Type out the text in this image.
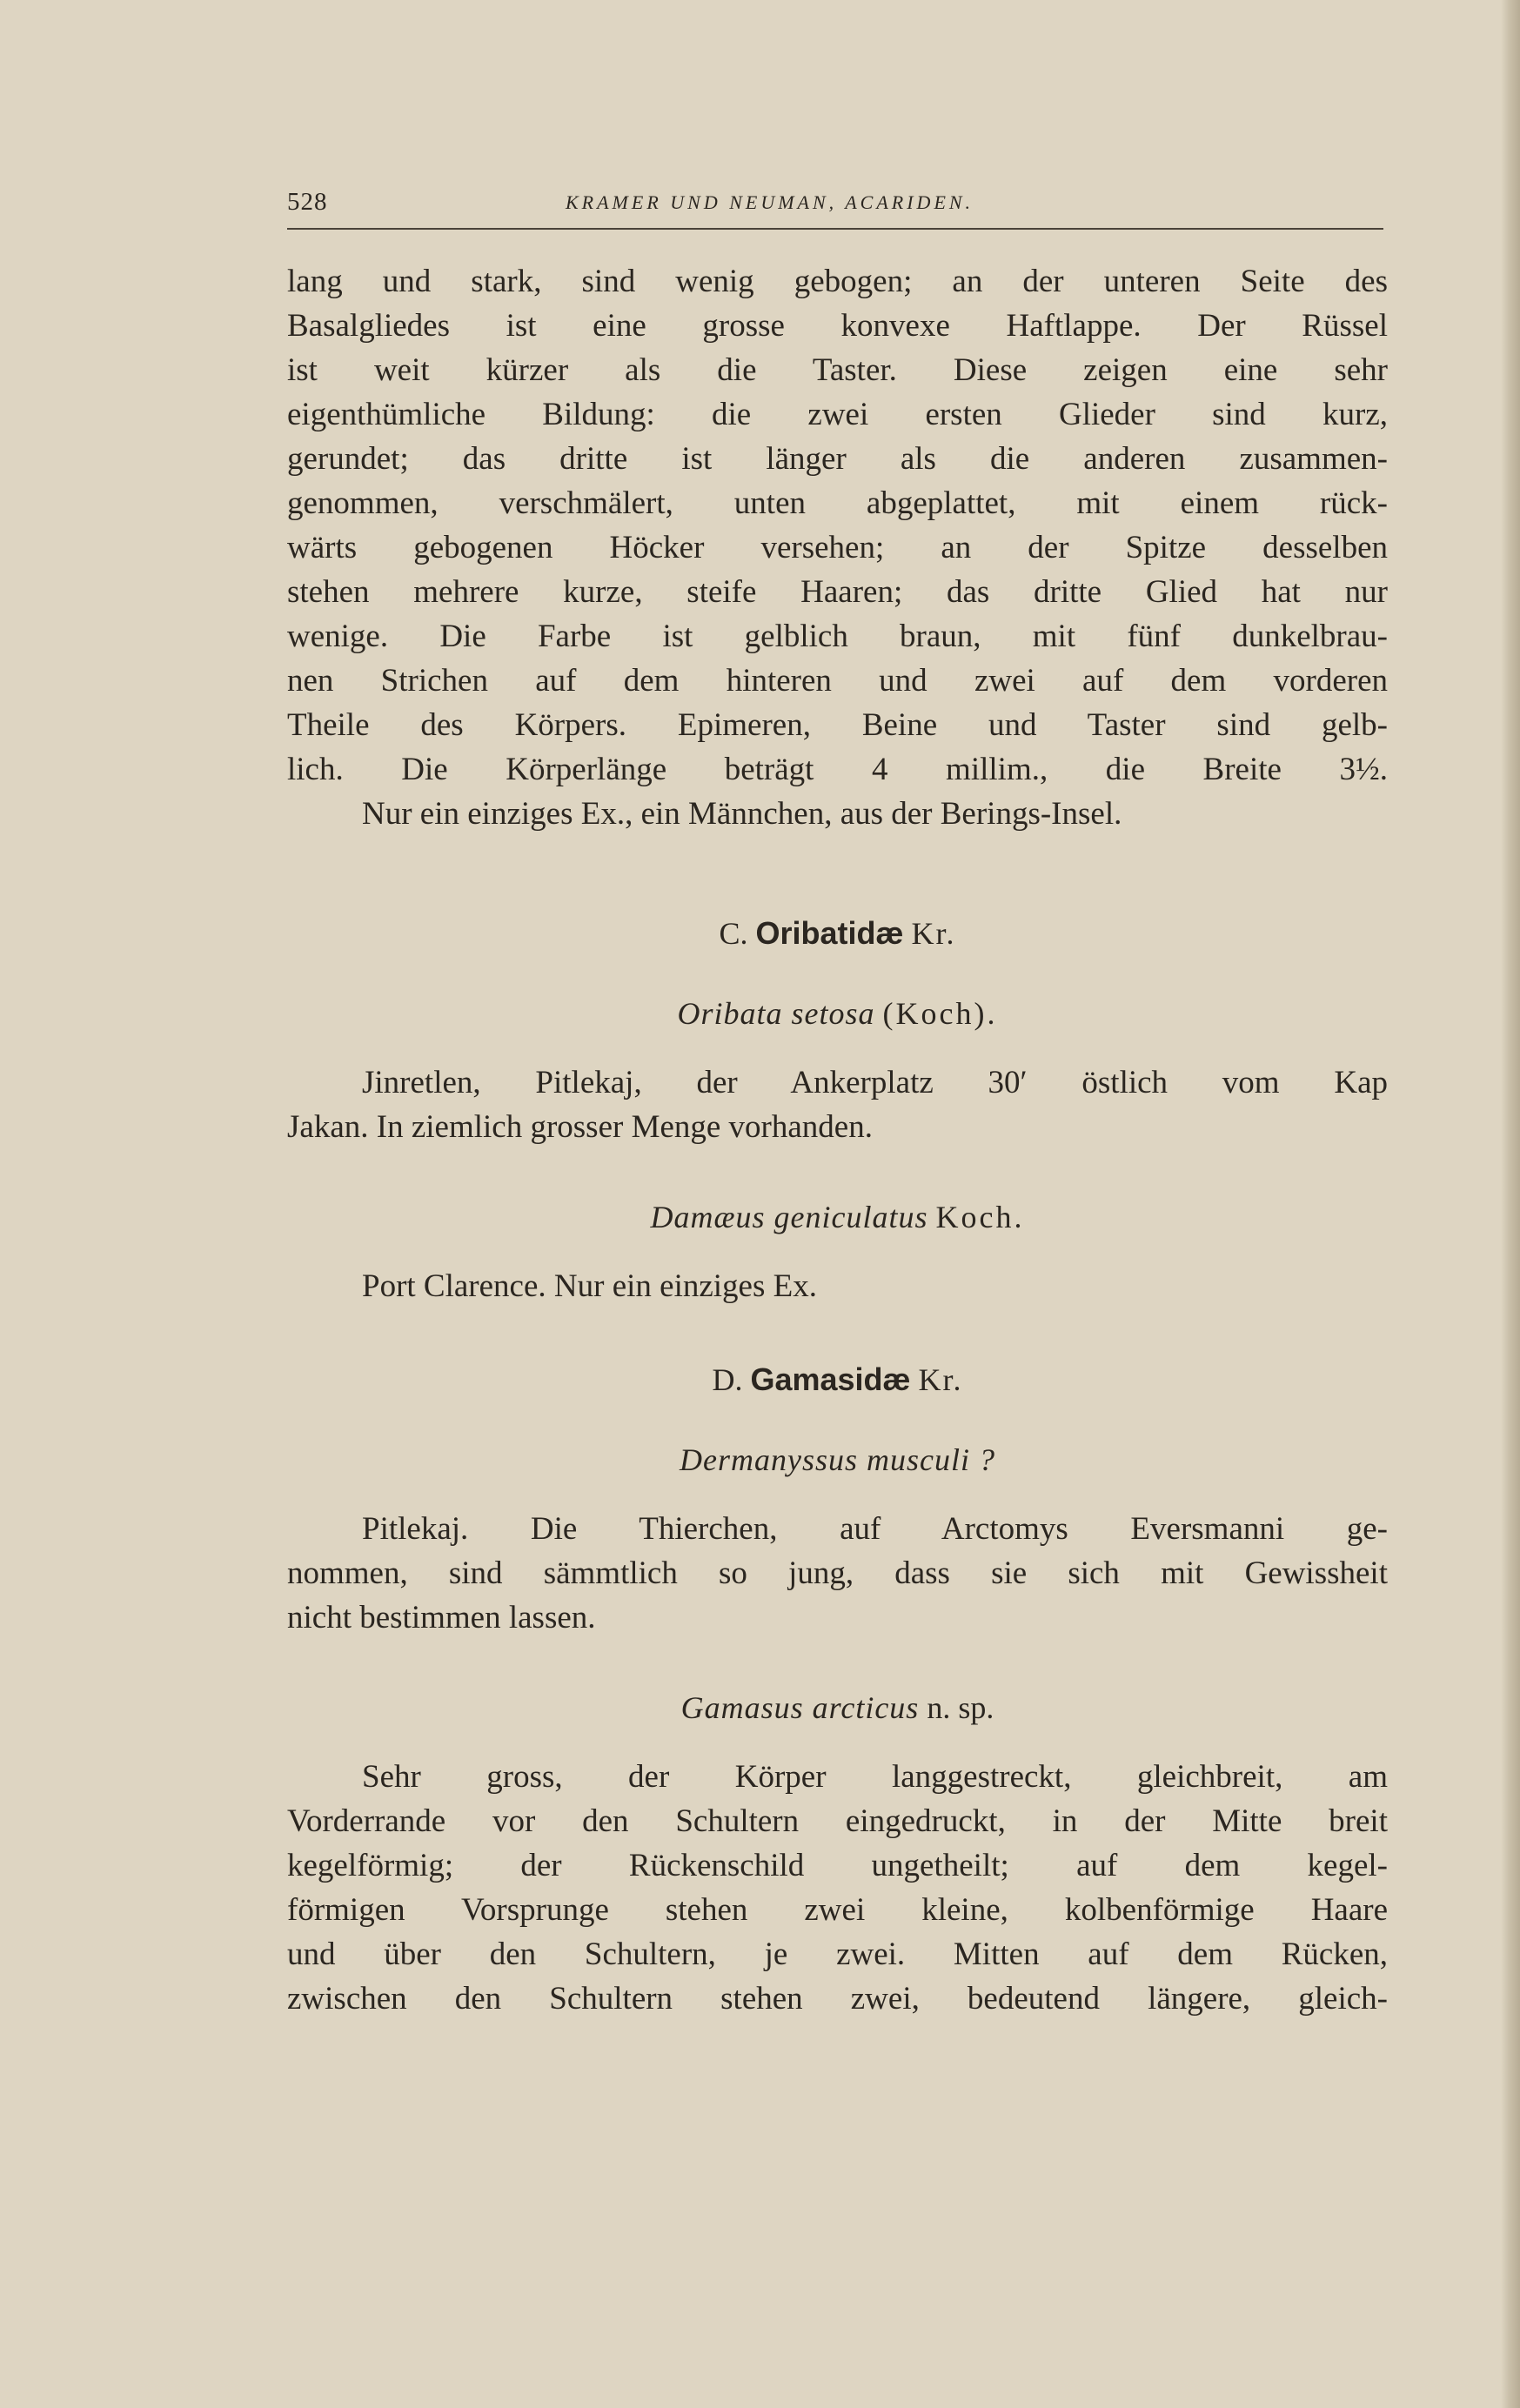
528	KRAMER UND NEUMAN, ACARIDEN.

lang und stark, sind wenig gebogen; an der unteren Seite des
Basalgliedes ist eine grosse konvexe Haftlappe. Der Rüssel
ist weit kürzer als die Taster. Diese zeigen eine sehr
eigenthümliche Bildung: die zwei ersten Glieder sind kurz,
gerundet; das dritte ist länger als die anderen zusammen-
genommen, verschmälert, unten abgeplattet, mit einem rück-
wärts gebogenen Höcker versehen; an der Spitze desselben
stehen mehrere kurze, steife Haaren; das dritte Glied hat nur
wenige. Die Farbe ist gelblich braun, mit fünf dunkelbrau-
nen Strichen auf dem hinteren und zwei auf dem vorderen
Theile des Körpers. Epimeren, Beine und Taster sind gelb-
lich. Die Körperlänge beträgt 4 millim., die Breite 3½.
Nur ein einziges Ex., ein Männchen, aus der Berings-Insel.

C. Oribatidæ Kr.
Oribata setosa (Koch).

Jinretlen, Pitlekaj, der Ankerplatz 30′ östlich vom Kap
Jakan. In ziemlich grosser Menge vorhanden.

Damæus geniculatus Koch.

Port Clarence. Nur ein einziges Ex.

D. Gamasidæ Kr.
Dermanyssus musculi ?

Pitlekaj. Die Thierchen, auf Arctomys Eversmanni ge-
nommen, sind sämmtlich so jung, dass sie sich mit Gewissheit
nicht bestimmen lassen.

Gamasus arcticus n. sp.

Sehr gross, der Körper langgestreckt, gleichbreit, am
Vorderrande vor den Schultern eingedruckt, in der Mitte breit
kegelförmig; der Rückenschild ungetheilt; auf dem kegel-
förmigen Vorsprunge stehen zwei kleine, kolbenförmige Haare
und über den Schultern, je zwei. Mitten auf dem Rücken,
zwischen den Schultern stehen zwei, bedeutend längere, gleich-
